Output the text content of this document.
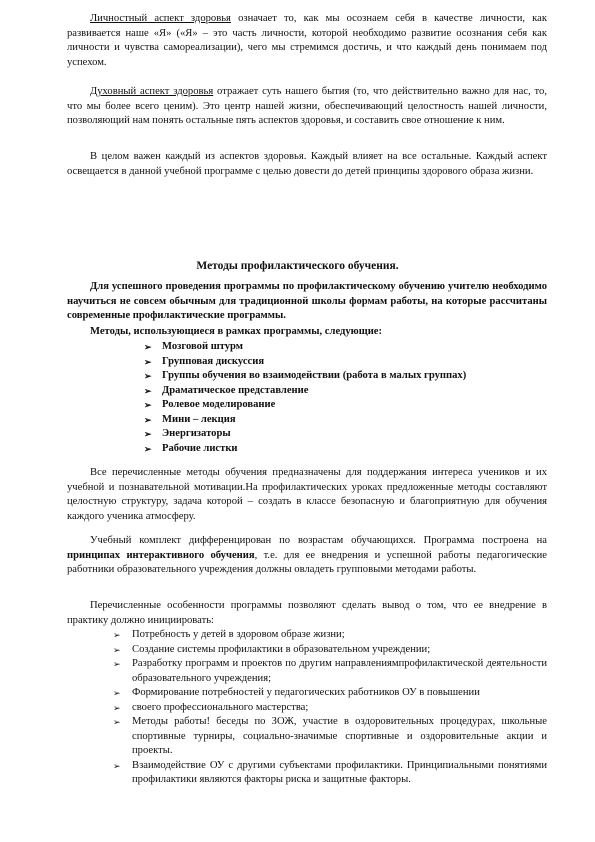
Личностный аспект здоровья означает то, как мы осознаем себя в качестве личности, как развивается наше «Я» («Я» – это часть личности, которой необходимо развитие осознания себя как личности и чувства самореализации), чего мы стремимся достичь, и что каждый день понимаем под успехом.

Духовный аспект здоровья отражает суть нашего бытия (то, что действительно важно для нас, то, что мы более всего ценим). Это центр нашей жизни, обеспечивающий целостность нашей личности, позволяющий нам понять остальные пять аспектов здоровья, и составить свое отношение к ним.

В целом важен каждый из аспектов здоровья. Каждый влияет на все остальные. Каждый аспект освещается в данной учебной программе с целью довести до детей принципы здорового образа жизни.

Методы профилактического обучения.

Для успешного проведения программы по профилактическому обучению учителю необходимо научиться не совсем обычным для традиционной школы формам работы, на которые рассчитаны современные профилактические программы.

Методы, использующиеся в рамках программы, следующие:

➢ Мозговой штурм
➢ Групповая дискуссия
➢ Группы обучения во взаимодействии (работа в малых группах)
➢ Драматическое представление
➢ Ролевое моделирование
➢ Мини – лекция
➢ Энергизаторы
➢ Рабочие листки

Все перечисленные методы обучения предназначены для поддержания интереса учеников и их учебной и познавательной мотивации.На профилактических уроках предложенные методы составляют целостную структуру, задача которой – создать в классе безопасную и благоприятную для обучения каждого ученика атмосферу.

Учебный комплект дифференцирован по возрастам обучающихся. Программа построена на принципах интерактивного обучения, т.е. для ее внедрения и успешной работы педагогические работники образовательного учреждения должны овладеть групповыми методами работы.

Перечисленные особенности программы позволяют сделать вывод о том, что ее внедрение в практику должно инициировать:

➢ Потребность у детей в здоровом образе жизни;
➢ Создание системы профилактики в образовательном учреждении;
➢ Разработку программ и проектов по другим направлениямпрофилактической деятельности образовательного учреждения;
➢ Формирование потребностей у педагогических работников ОУ в повышении
➢ своего профессионального мастерства;
➢ Методы работы! беседы по ЗОЖ, участие в оздоровительных процедурах, школьные спортивные турниры, социально-значимые спортивные и оздоровительные акции и проекты.
➢ Взаимодействие ОУ с другими субъектами профилактики. Принципиальными понятиями профилактики являются факторы риска и защитные факторы.
